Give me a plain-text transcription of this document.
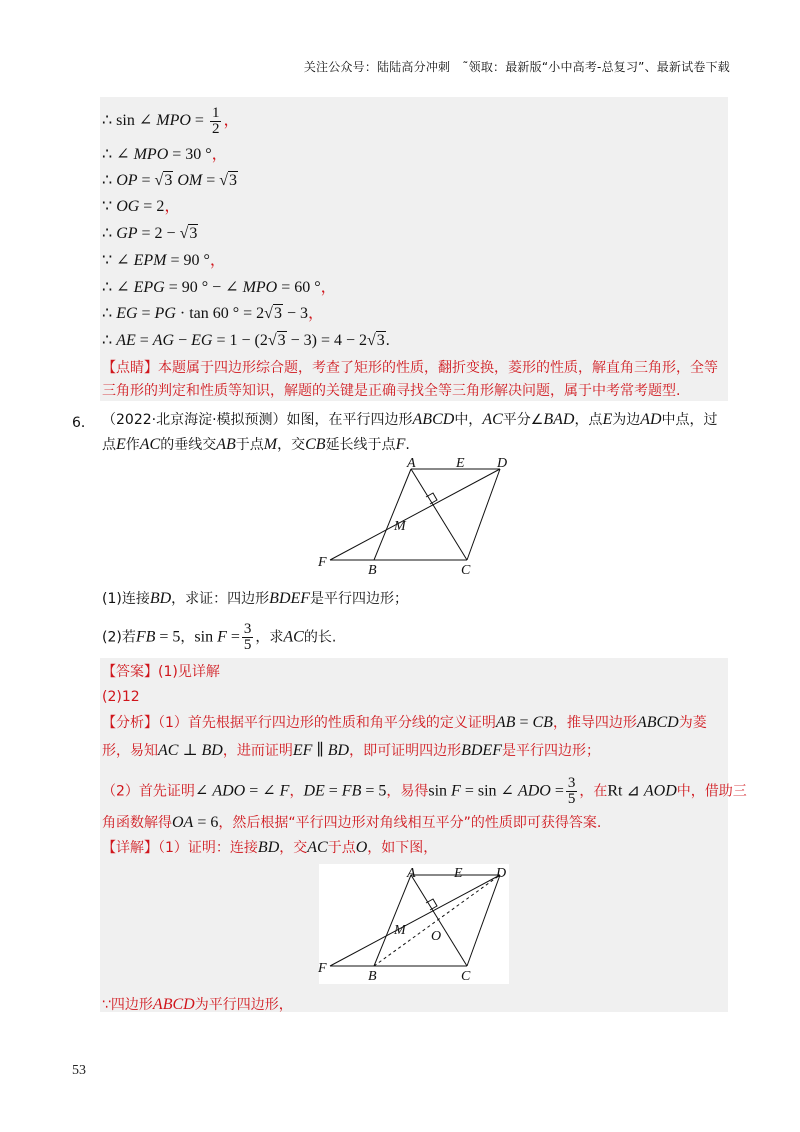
关注公众号：陆陆高分冲刺　˜领取：最新版“小中高考-总复习”、最新试卷下载
∴ sin ∠ MPO = $\frac{1}{2}$ ，
∴ ∠ MPO = 30 °，
∴ OP = √3 OM = √3
∵ OG = 2，
∴ GP = 2 − √3
∵ ∠ EPM = 90 °，
∴ ∠ EPG = 90 ° − ∠ MPO = 60 °，
∴ EG = PG · tan 60 ° = 2√3 − 3，
∴ AE = AG − EG = 1 − (2√3 − 3) = 4 − 2√3.
【点睛】本题属于四边形综合题，考查了矩形的性质，翻折变换，菱形的性质，解直角三角形，全等
三角形的判定和性质等知识，解题的关键是正确寻找全等三角形解决问题，属于中考常考题型.
6． （2022·北京海淀·模拟预测）如图，在平行四边形ABCD中，AC平分∠BAD，点E为边AD中点，过
点E作AC的垂线交AB于点M，交CB延长线于点F.
A	E D
M
F
B	C
(1)连接BD，求证：四边形BDEF是平行四边形；
(2)若FB = 5，$\sin F = \frac{3}{5}$ ，求AC的长.
【答案】(1)见详解
(2)12
【分析】（1）首先根据平行四边形的性质和角平分线的定义证明AB = CB，推导四边形ABCD为菱
形，易知AC ⊥ BD，进而证明EF ∥ BD，即可证明四边形BDEF是平行四边形；
（2）首先证明∠ ADO = ∠ F，DE = FB = 5，易得sin F = sin ∠ ADO = $\frac{3}{5}$ ，在Rt ⊿ AOD中，借助三
角函数解得OA = 6，然后根据“平行四边形对角线相互平分”的性质即可获得答案.
【详解】（1）证明：连接BD，交AC于点O，如下图，
A	E D
M O
F
B	C
∵四边形ABCD为平行四边形，
53
